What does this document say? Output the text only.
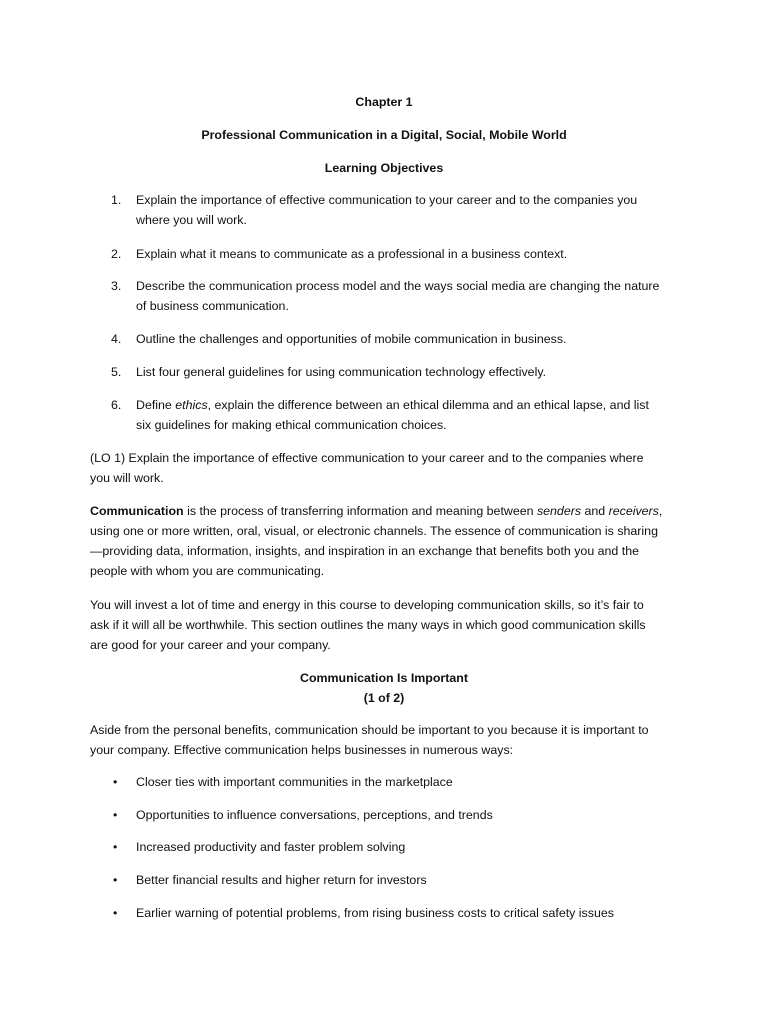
Chapter 1
Professional Communication in a Digital, Social, Mobile World
Learning Objectives
1.	Explain the importance of effective communication to your career and to the companies you
where you will work.
2.	Explain what it means to communicate as a professional in a business context.
3.	Describe the communication process model and the ways social media are changing the nature
of business communication.
4.	Outline the challenges and opportunities of mobile communication in business.
5.	List four general guidelines for using communication technology effectively.
6.	Define ethics, explain the difference between an ethical dilemma and an ethical lapse, and list
six guidelines for making ethical communication choices.
(LO 1) Explain the importance of effective communication to your career and to the companies where
you will work.
Communication is the process of transferring information and meaning between senders and receivers,
using one or more written, oral, visual, or electronic channels. The essence of communication is sharing
—providing data, information, insights, and inspiration in an exchange that benefits both you and the
people with whom you are communicating.
You will invest a lot of time and energy in this course to developing communication skills, so it’s fair to
ask if it will all be worthwhile. This section outlines the many ways in which good communication skills
are good for your career and your company.
Communication Is Important
(1 of 2)
Aside from the personal benefits, communication should be important to you because it is important to
your company. Effective communication helps businesses in numerous ways:
•	Closer ties with important communities in the marketplace
•	Opportunities to influence conversations, perceptions, and trends
•	Increased productivity and faster problem solving
•	Better financial results and higher return for investors
•	Earlier warning of potential problems, from rising business costs to critical safety issues
